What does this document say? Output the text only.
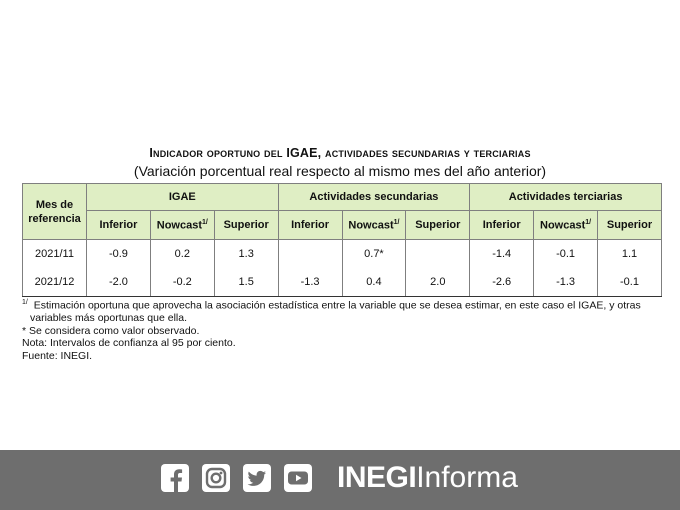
Indicador oportuno del IGAE, actividades secundarias y terciarias
(Variación porcentual real respecto al mismo mes del año anterior)
Mes de referencia	IGAE			Actividades secundarias			Actividades terciarias		
	Inferior	Nowcast$^{1/}$	Superior	Inferior	Nowcast$^{1/}$	Superior	Inferior	Nowcast$^{1/}$	Superior
2021/11	-0.9	0.2	1.3		0.7*		-1.4	-0.1	1.1
2021/12	-2.0	-0.2	1.5	-1.3	0.4	2.0	-2.6	-1.3	-0.1

$^{1/}$ Estimación oportuna que aprovecha la asociación estadística entre la variable que se desea estimar, en este caso el IGAE, y otras

variables más oportunas que ella.

* Se considera como valor observado.

Nota: Intervalos de confianza al 95 por ciento.

Fuente: INEGI.

INEGIInforma
